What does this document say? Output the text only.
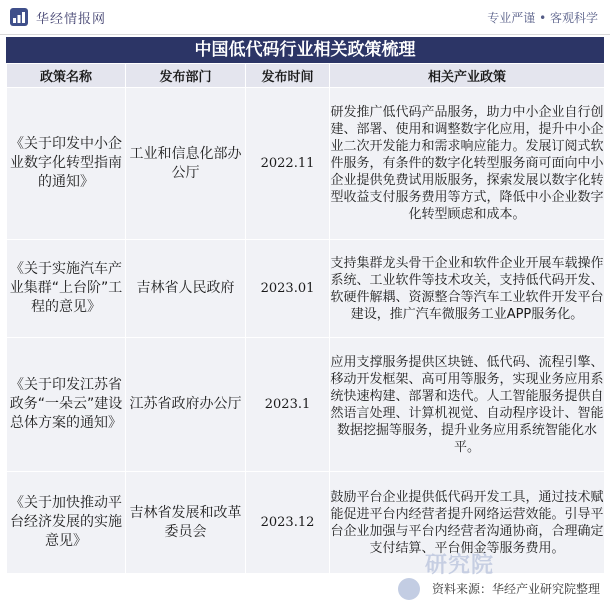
华经情报网	专业严谨 • 客观科学
中国低代码行业相关政策梳理
政策名称	发布部门	发布时间	相关产业政策
《关于印发中小企业数字化转型指南的通知》	工业和信息化部办公厅	2022.11	研发推广低代码产品服务，助力中小企业自行创建、部署、使用和调整数字化应用，提升中小企业二次开发能力和需求响应能力。发展订阅式软件服务，有条件的数字化转型服务商可面向中小企业提供免费试用版服务，探索发展以数字化转型收益支付服务费用等方式，降低中小企业数字化转型顾虑和成本。
《关于实施汽车产业集群“上台阶”工程的意见》	吉林省人民政府	2023.01	支持集群龙头骨干企业和软件企业开展车载操作系统、工业软件等技术攻关，支持低代码开发、软硬件解耦、资源整合等汽车工业软件开发平台建设，推广汽车微服务工业APP服务化。
《关于印发江苏省政务“一朵云”建设总体方案的通知》	江苏省政府办公厅	2023.1	应用支撑服务提供区块链、低代码、流程引擎、移动开发框架、高可用等服务，实现业务应用系统快速构建、部署和迭代。人工智能服务提供自然语言处理、计算机视觉、自动程序设计、智能数据挖掘等服务，提升业务应用系统智能化水平。
《关于加快推动平台经济发展的实施意见》	吉林省发展和改革委员会	2023.12	鼓励平台企业提供低代码开发工具，通过技术赋能促进平台内经营者提升网络运营效能。引导平台企业加强与平台内经营者沟通协商，合理确定支付结算、平台佣金等服务费用。
研究院
资料来源：华经产业研究院整理
